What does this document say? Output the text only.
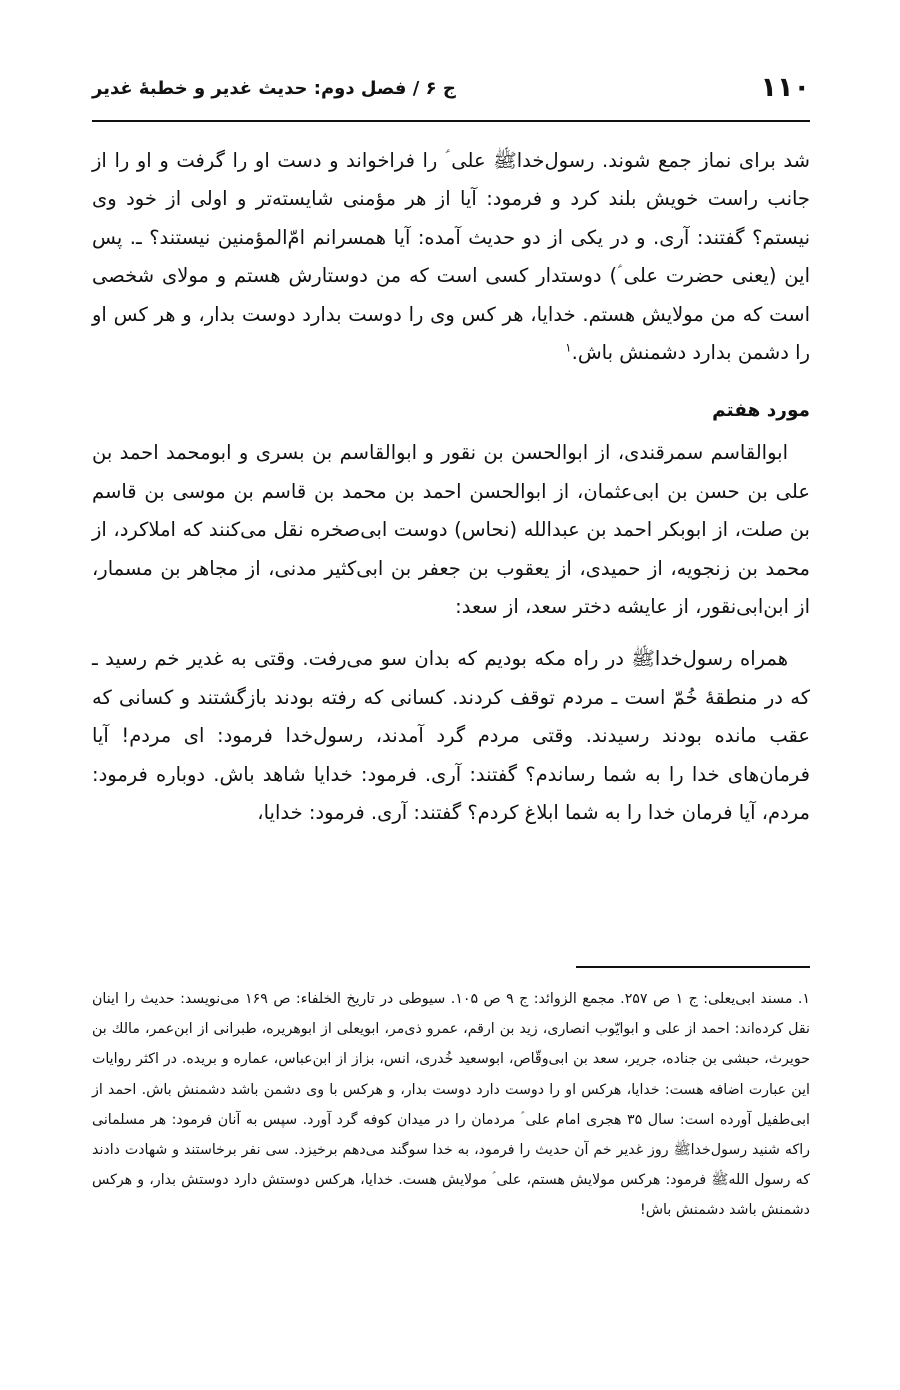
۱۱۰
ج ۶ / فصل دوم: حديث غدير و خطبهٔ غدير

شد براى نماز جمع شوند. رسول‌خداﷺ على ؑ را فراخواند و دست او را گرفت و او را از جانب راست خويش بلند كرد و فرمود: آيا از هر مؤمنى شايسته‌تر و اولى از خود وى نيستم؟ گفتند: آرى. و در يكى از دو حديث آمده: آيا همسرانم امّ‌المؤمنين نيستند؟ ـ. پس اين (يعنى حضرت على ؑ) دوستدار كسى است كه من دوستارش هستم و مولاى شخصى است كه من مولايش هستم. خدايا، هر كس وى را دوست بدارد دوست بدار، و هر كس او را دشمن بدارد دشمنش باش.$^۱$

مورد هفتم

ابوالقاسم سمرقندى، از ابوالحسن بن نقور و ابوالقاسم بن بسرى و ابومحمد احمد بن على بن حسن بن ابى‌عثمان، از ابوالحسن احمد بن محمد بن قاسم بن موسى بن قاسم بن صلت، از ابوبكر احمد بن عبدالله (نحاس) دوست ابى‌صخره نقل مى‌كنند كه املاكرد، از محمد بن زنجويه، از حميدى، از يعقوب بن جعفر بن ابى‌كثير مدنى، از مجاهر بن مسمار، از ابن‌ابى‌نقور، از عايشه دختر سعد، از سعد:

همراه رسول‌خداﷺ در راه مكه بوديم كه بدان سو مى‌رفت. وقتى به غدير خم رسيد ـ كه در منطقهٔ خُمّ است ـ مردم توقف كردند. كسانى كه رفته بودند بازگشتند و كسانى كه عقب مانده بودند رسيدند. وقتى مردم گرد آمدند، رسول‌خدا فرمود: اى مردم! آيا فرمان‌هاى خدا را به شما رساندم؟ گفتند: آرى. فرمود: خدايا شاهد باش. دوباره فرمود: مردم، آيا فرمان خدا را به شما ابلاغ كردم؟ گفتند: آرى. فرمود: خدايا،

۱. مسند ابى‌يعلى: ج ۱ ص ۲۵۷. مجمع الزوائد: ج ۹ ص ۱۰۵. سيوطى در تاريخ الخلفاء: ص ۱۶۹ مى‌نويسد: حديث را اينان نقل كرده‌اند: احمد از على و ابوايّوب انصارى، زيد بن ارقم، عمرو ذى‌مر، ابويعلى از ابوهريره، طبرانى از ابن‌عمر، مالك بن حويرث، حبشى بن جناده، جرير، سعد بن ابى‌وقّاص، ابوسعيد خُدرى، انس، بزاز از ابن‌عباس، عماره و بريده. در اكثر روايات اين عبارت اضافه هست: خدايا، هركس او را دوست دارد دوست بدار، و هركس با وى دشمن باشد دشمنش باش. احمد از ابى‌طفيل آورده است: سال ۳۵ هجرى امام على ؑ مردمان را در ميدان كوفه گرد آورد. سپس به آنان فرمود: هر مسلمانى راكه شنيد رسول‌خداﷺ روز غدير خم آن حديث را فرمود، به خدا سوگند مى‌دهم برخيزد. سى نفر برخاستند و شهادت دادند كه رسول اللهﷺ فرمود: هركس مولايش هستم، على ؑ مولايش هست. خدايا، هركس دوستش دارد دوستش بدار، و هركس دشمنش باشد دشمنش باش!
